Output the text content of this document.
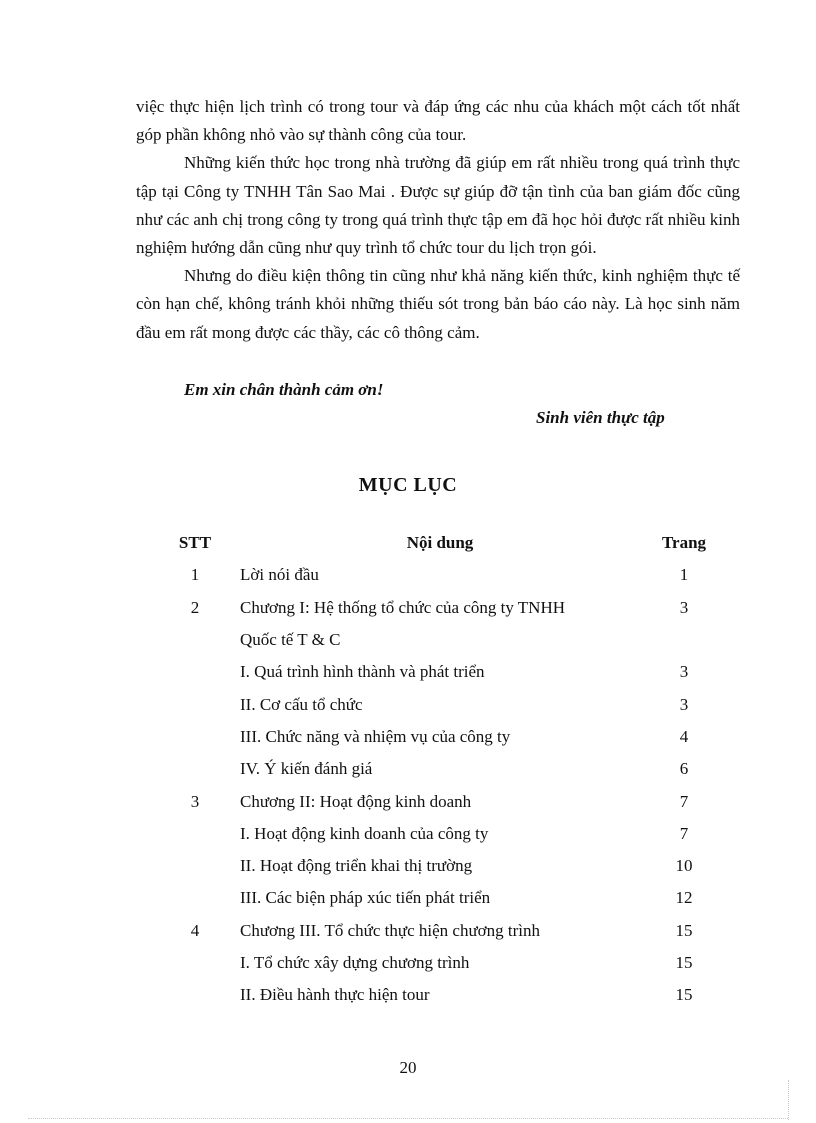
việc thực hiện lịch trình có trong tour và đáp ứng các nhu của khách một cách tốt nhất góp phần không nhỏ vào sự thành công của tour.

Những kiến thức học trong nhà trường đã giúp em rất nhiều trong quá trình thực tập tại Công ty TNHH Tân Sao Mai . Được sự giúp đỡ tận tình của ban giám đốc cũng như các anh chị trong công ty trong quá trình thực tập em đã học hỏi được rất nhiều kinh nghiệm hướng dẫn cũng như quy trình tổ chức tour du lịch trọn gói.

Nhưng do điều kiện thông tin cũng như khả năng kiến thức, kinh nghiệm thực tế còn hạn chế, không tránh khỏi những thiếu sót trong bản báo cáo này. Là học sinh năm đầu em rất mong được các thầy, các cô thông cảm.

Em xin chân thành cảm ơn!
Sinh viên thực tập
MỤC LỤC
STT	Nội dung	Trang
1	Lời nói đầu	1
2	Chương I: Hệ thống tổ chức của công ty TNHH	3
	Quốc tế T & C	
	I. Quá trình hình thành và phát triển	3
	II. Cơ cấu tổ chức	3
	III. Chức năng và nhiệm vụ của công ty	4
	IV. Ý kiến đánh giá	6
3	Chương II: Hoạt động kinh doanh	7
	I. Hoạt động kinh doanh của công ty	7
	II. Hoạt động triển khai thị trường	10
	III. Các biện pháp xúc tiến phát triển	12
4	Chương III. Tổ chức thực hiện chương trình	15
	I. Tổ chức xây dựng chương trình	15
	II. Điều hành thực hiện tour	15
20
